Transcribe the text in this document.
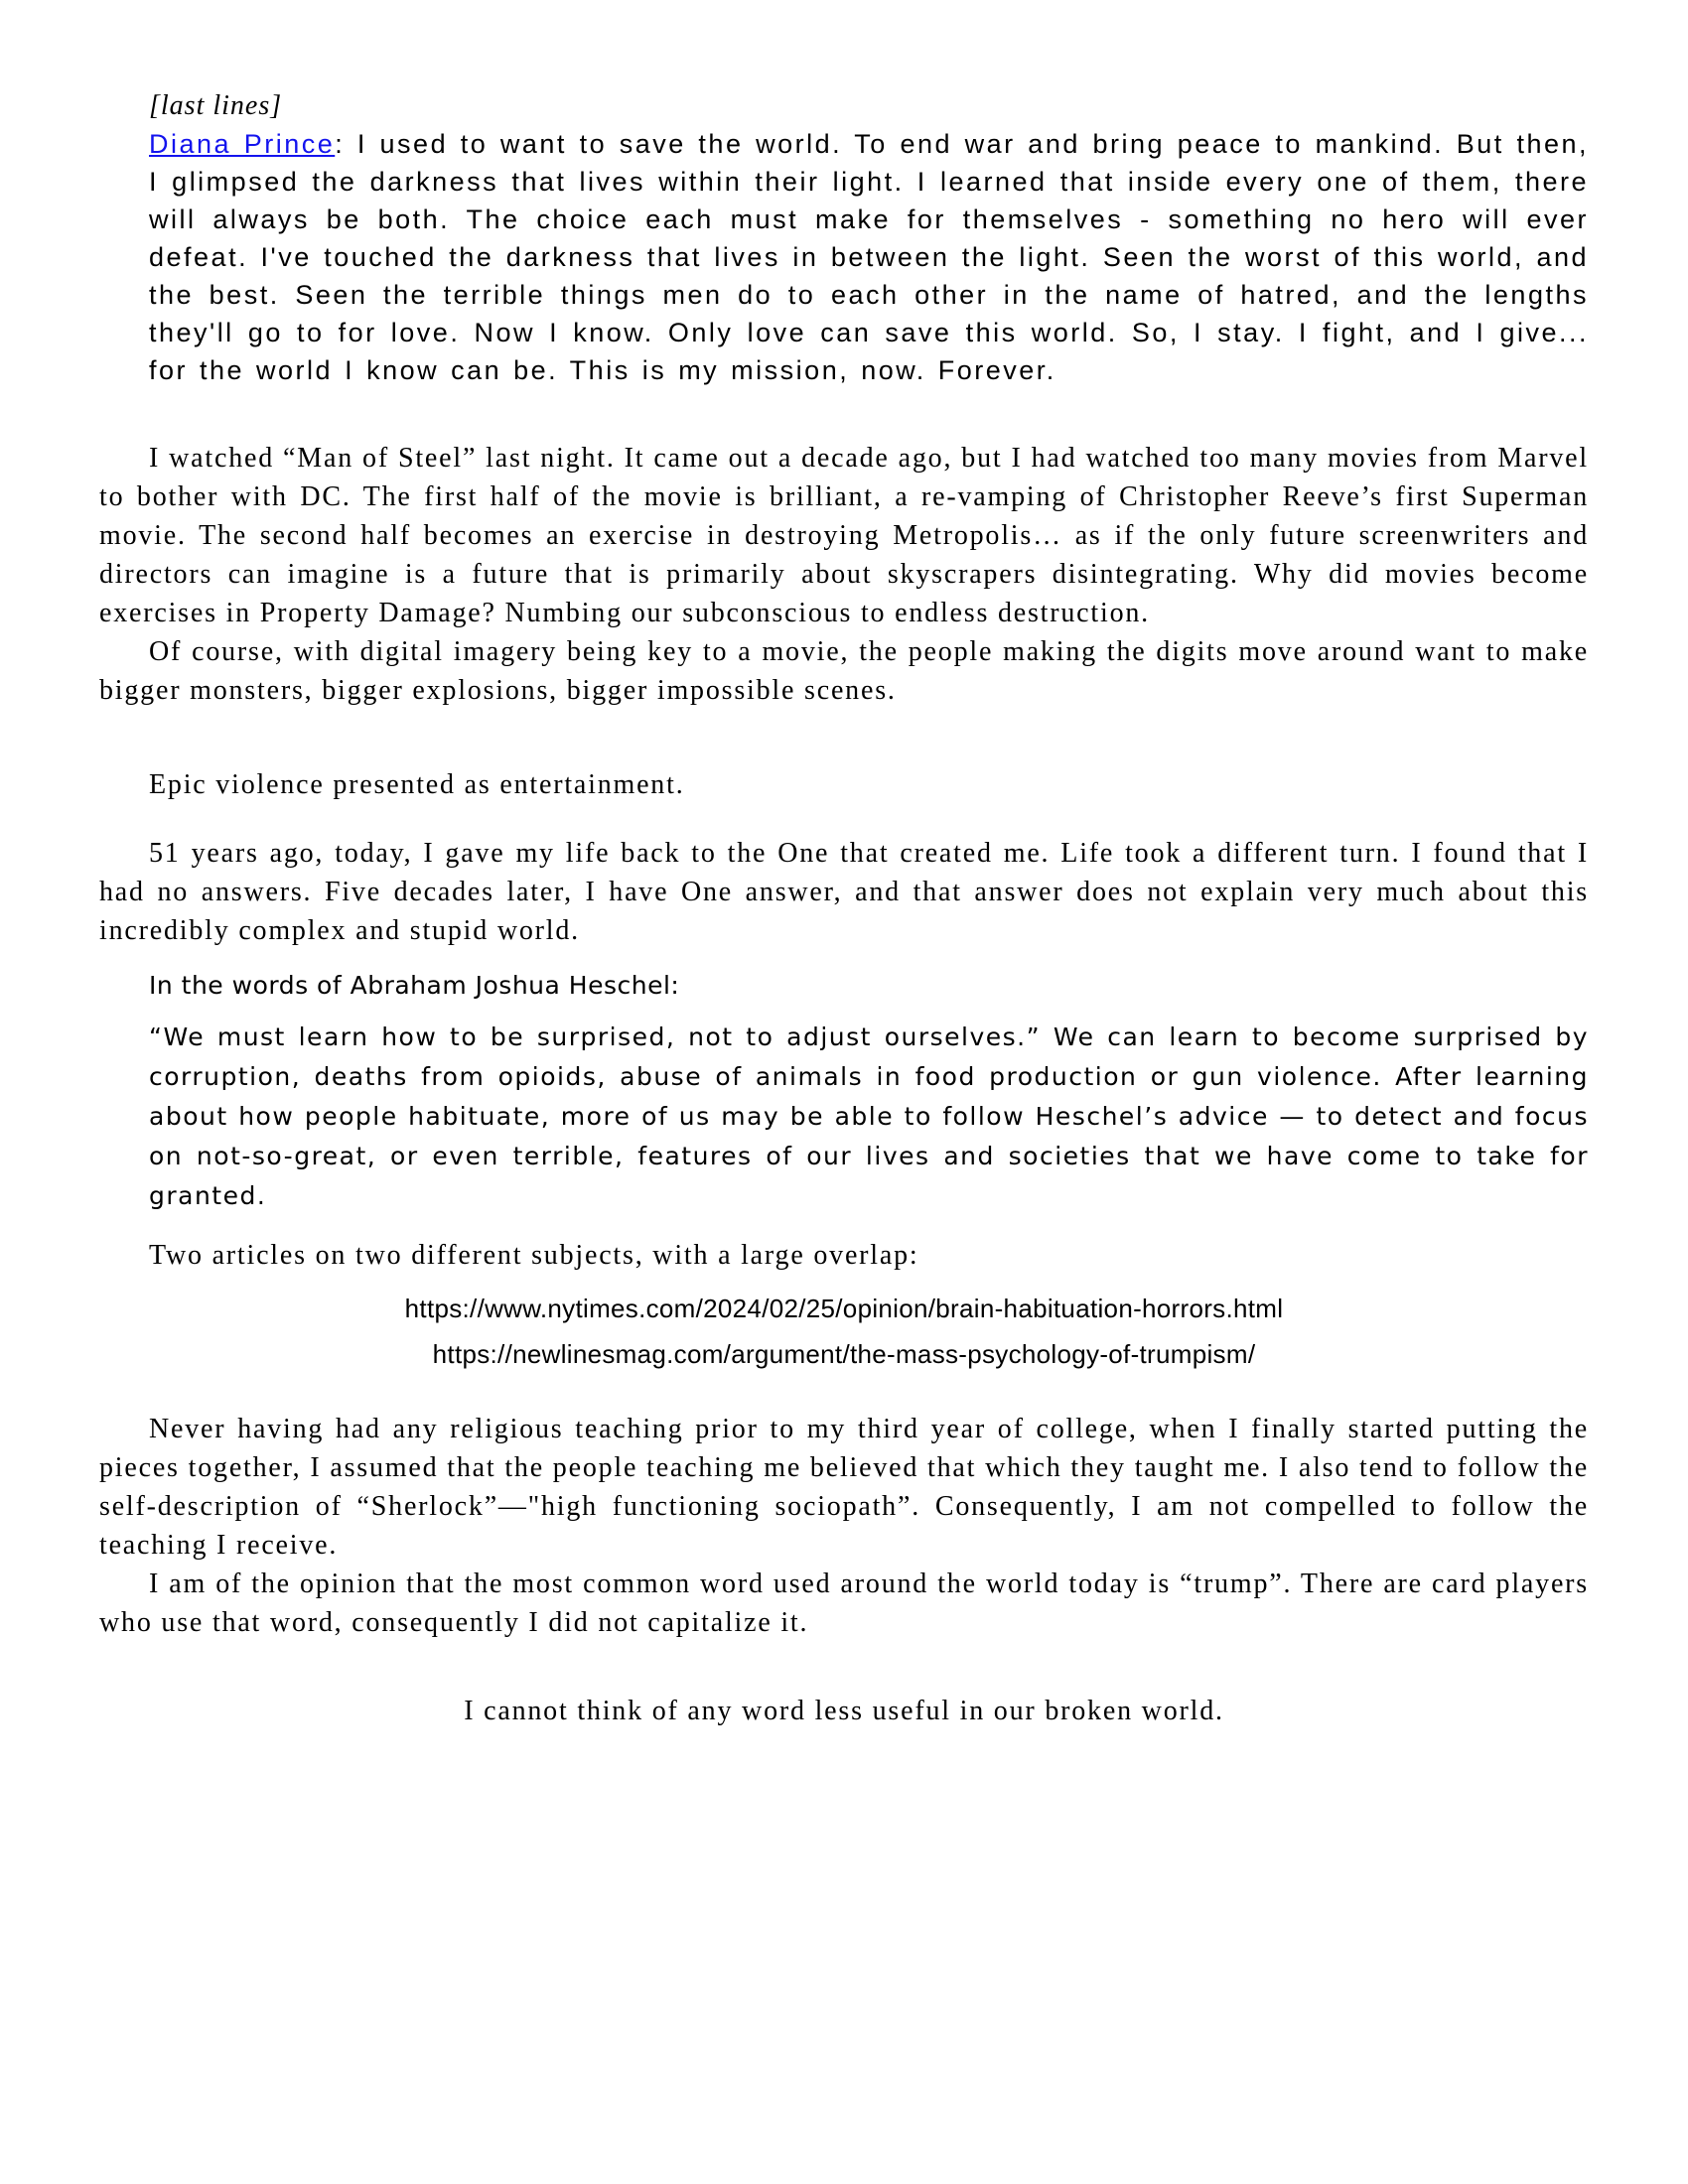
[last lines]

Diana Prince: I used to want to save the world. To end war and bring peace to mankind. But then, I glimpsed the darkness that lives within their light. I learned that inside every one of them, there will always be both. The choice each must make for themselves - something no hero will ever defeat. I've touched the darkness that lives in between the light. Seen the worst of this world, and the best. Seen the terrible things men do to each other in the name of hatred, and the lengths they'll go to for love. Now I know. Only love can save this world. So, I stay. I fight, and I give... for the world I know can be. This is my mission, now. Forever.

I watched “Man of Steel” last night. It came out a decade ago, but I had watched too many movies from Marvel to bother with DC. The first half of the movie is brilliant, a re-vamping of Christopher Reeve’s first Superman movie. The second half becomes an exercise in destroying Metropolis… as if the only future screenwriters and directors can imagine is a future that is primarily about skyscrapers disintegrating. Why did movies become exercises in Property Damage? Numbing our subconscious to endless destruction.

Of course, with digital imagery being key to a movie, the people making the digits move around want to make bigger monsters, bigger explosions, bigger impossible scenes.

Epic violence presented as entertainment.

51 years ago, today, I gave my life back to the One that created me. Life took a different turn. I found that I had no answers. Five decades later, I have One answer, and that answer does not explain very much about this incredibly complex and stupid world.

In the words of Abraham Joshua Heschel:

“We must learn how to be surprised, not to adjust ourselves.” We can learn to become surprised by corruption, deaths from opioids, abuse of animals in food production or gun violence. After learning about how people habituate, more of us may be able to follow Heschel’s advice — to detect and focus on not-so-great, or even terrible, features of our lives and societies that we have come to take for granted.

Two articles on two different subjects, with a large overlap:

https://www.nytimes.com/2024/02/25/opinion/brain-habituation-horrors.html

https://newlinesmag.com/argument/the-mass-psychology-of-trumpism/

Never having had any religious teaching prior to my third year of college, when I finally started putting the pieces together, I assumed that the people teaching me believed that which they taught me. I also tend to follow the self-description of “Sherlock”—"high functioning sociopath”. Consequently, I am not compelled to follow the teaching I receive.

I am of the opinion that the most common word used around the world today is “trump”. There are card players who use that word, consequently I did not capitalize it.

I cannot think of any word less useful in our broken world.
